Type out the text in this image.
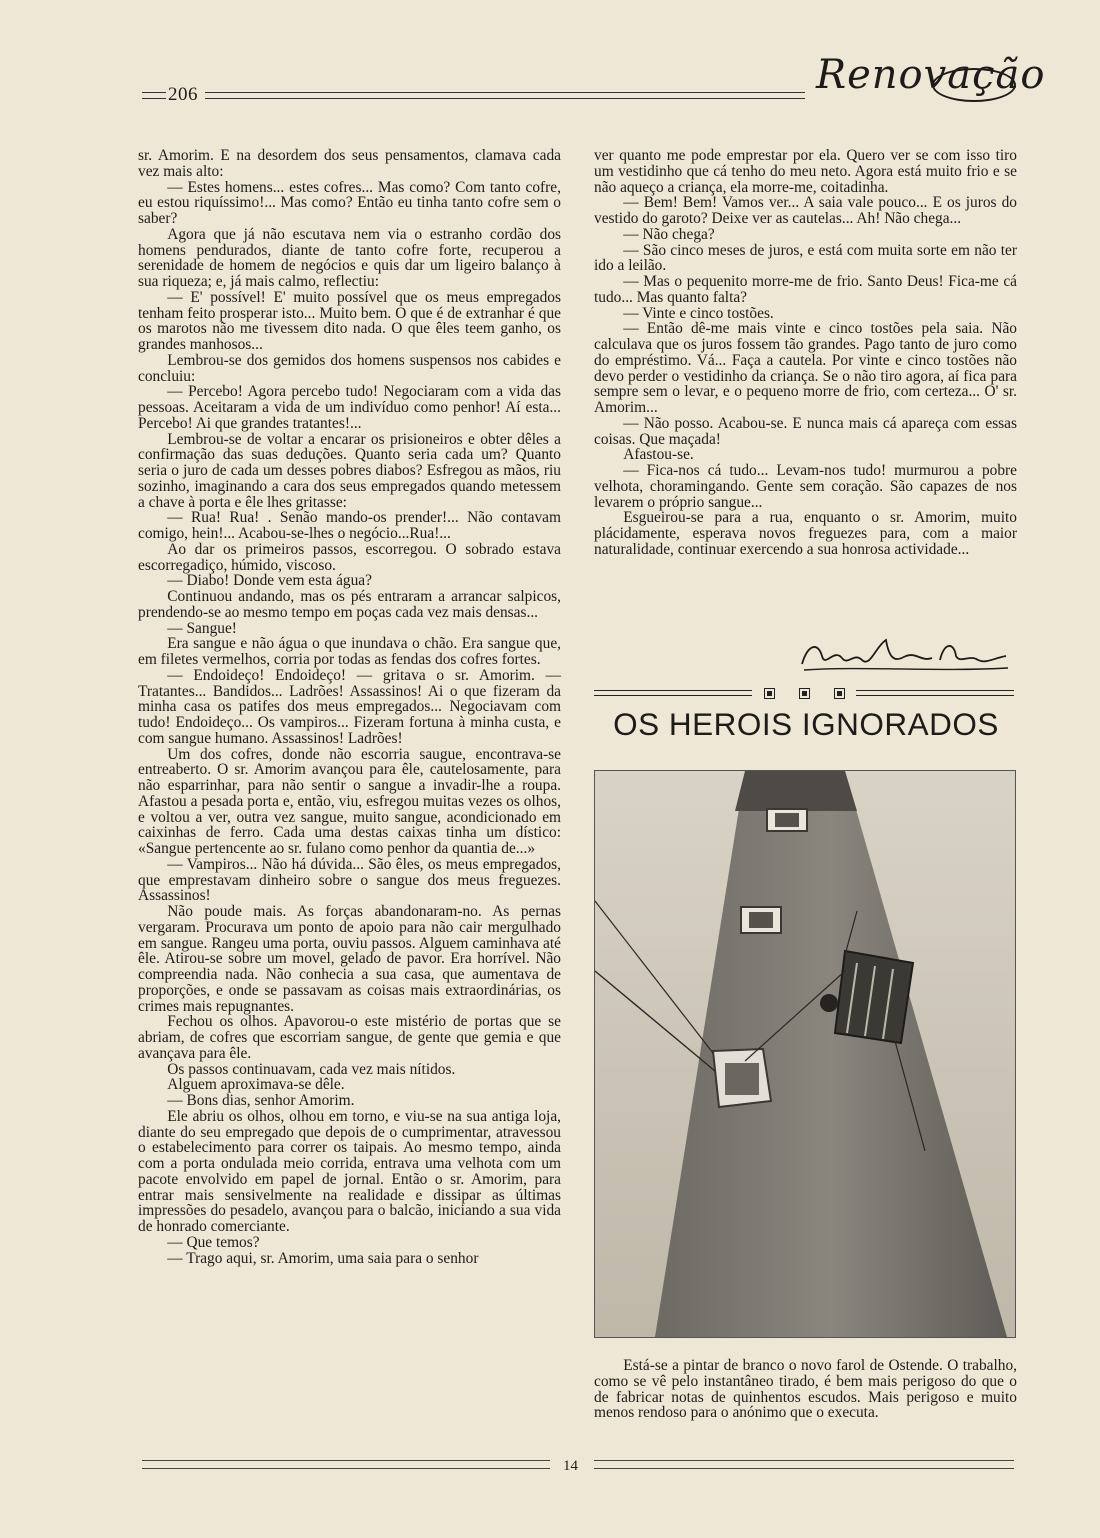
206	Renovação

sr. Amorim. E na desordem dos seus pensamentos, clamava cada vez mais alto:

— Estes homens... estes cofres... Mas como? Com tanto cofre, eu estou riquíssimo!... Mas como? Então eu tinha tanto cofre sem o saber?

Agora que já não escutava nem via o estranho cordão dos homens pendurados, diante de tanto cofre forte, recuperou a serenidade de homem de negócios e quis dar um ligeiro balanço à sua riqueza; e, já mais calmo, reflectiu:

— E' possível! E' muito possível que os meus empregados tenham feito prosperar isto... Muito bem. O que é de extranhar é que os marotos não me tivessem dito nada. O que êles teem ganho, os grandes manhosos...

Lembrou-se dos gemidos dos homens suspensos nos cabides e concluiu:

— Percebo! Agora percebo tudo! Negociaram com a vida das pessoas. Aceitaram a vida de um indivíduo como penhor! Aí esta... Percebo! Ai que grandes tratantes!...

Lembrou-se de voltar a encarar os prisioneiros e obter dêles a confirmação das suas deduções. Quanto seria cada um? Quanto seria o juro de cada um desses pobres diabos? Esfregou as mãos, riu sozinho, imaginando a cara dos seus empregados quando metessem a chave à porta e êle lhes gritasse:

— Rua! Rua! . Senão mando-os prender!... Não contavam comigo, hein!... Acabou-se-lhes o negócio...Rua!...

Ao dar os primeiros passos, escorregou. O sobrado estava escorregadiço, húmido, viscoso.

— Diabo! Donde vem esta água?

Continuou andando, mas os pés entraram a arrancar salpicos, prendendo-se ao mesmo tempo em poças cada vez mais densas...

— Sangue!

Era sangue e não água o que inundava o chão. Era sangue que, em filetes vermelhos, corria por todas as fendas dos cofres fortes.

— Endoideço! Endoideço! — gritava o sr. Amorim. — Tratantes... Bandidos... Ladrões! Assassinos! Ai o que fizeram da minha casa os patifes dos meus empregados... Negociavam com tudo! Endoideço... Os vampiros... Fizeram fortuna à minha custa, e com sangue humano. Assassinos! Ladrões!

Um dos cofres, donde não escorria saugue, encontrava-se entreaberto. O sr. Amorim avançou para êle, cautelosamente, para não esparrinhar, para não sentir o sangue a invadir-lhe a roupa. Afastou a pesada porta e, então, viu, esfregou muitas vezes os olhos, e voltou a ver, outra vez sangue, muito sangue, acondicionado em caixinhas de ferro. Cada uma destas caixas tinha um dístico: «Sangue pertencente ao sr. fulano como penhor da quantia de...»

— Vampiros... Não há dúvida... São êles, os meus empregados, que emprestavam dinheiro sobre o sangue dos meus freguezes. Assassinos!

Não poude mais. As forças abandonaram-no. As pernas vergaram. Procurava um ponto de apoio para não cair mergulhado em sangue. Rangeu uma porta, ouviu passos. Alguem caminhava até êle. Atirou-se sobre um movel, gelado de pavor. Era horrível. Não compreendia nada. Não conhecia a sua casa, que aumentava de proporções, e onde se passavam as coisas mais extraordinárias, os crimes mais repugnantes.

Fechou os olhos. Apavorou-o este mistério de portas que se abriam, de cofres que escorriam sangue, de gente que gemia e que avançava para êle.

Os passos continuavam, cada vez mais nítidos.

Alguem aproximava-se dêle.

— Bons dias, senhor Amorim.

Ele abriu os olhos, olhou em torno, e viu-se na sua antiga loja, diante do seu empregado que depois de o cumprimentar, atravessou o estabelecimento para correr os taipais. Ao mesmo tempo, ainda com a porta ondulada meio corrida, entrava uma velhota com um pacote envolvido em papel de jornal. Então o sr. Amorim, para entrar mais sensivelmente na realidade e dissipar as últimas impressões do pesadelo, avançou para o balcão, iniciando a sua vida de honrado comerciante.

— Que temos?

— Trago aqui, sr. Amorim, uma saia para o senhor

ver quanto me pode emprestar por ela. Quero ver se com isso tiro um vestidinho que cá tenho do meu neto. Agora está muito frio e se não aqueço a criança, ela morre-me, coitadinha.

— Bem! Bem! Vamos ver... A saia vale pouco... E os juros do vestido do garoto? Deixe ver as cautelas... Ah! Não chega...

— Não chega?

— São cinco meses de juros, e está com muita sorte em não ter ido a leilão.

— Mas o pequenito morre-me de frio. Santo Deus! Fica-me cá tudo... Mas quanto falta?

— Vinte e cinco tostões.

— Então dê-me mais vinte e cinco tostões pela saia. Não calculava que os juros fossem tão grandes. Pago tanto de juro como do empréstimo. Vá... Faça a cautela. Por vinte e cinco tostões não devo perder o vestidinho da criança. Se o não tiro agora, aí fica para sempre sem o levar, e o pequeno morre de frio, com certeza... O' sr. Amorim...

— Não posso. Acabou-se. E nunca mais cá apareça com essas coisas. Que maçada!

Afastou-se.

— Fica-nos cá tudo... Levam-nos tudo! murmurou a pobre velhota, choramingando. Gente sem coração. São capazes de nos levarem o próprio sangue...

Esgueirou-se para a rua, enquanto o sr. Amorim, muito plácidamente, esperava novos freguezes para, com a maior naturalidade, continuar exercendo a sua honrosa actividade...

OS HEROIS IGNORADOS

Está-se a pintar de branco o novo farol de Ostende. O trabalho, como se vê pelo instantâneo tirado, é bem mais perigoso do que o de fabricar notas de quinhentos escudos. Mais perigoso e muito menos rendoso para o anónimo que o executa.

14
